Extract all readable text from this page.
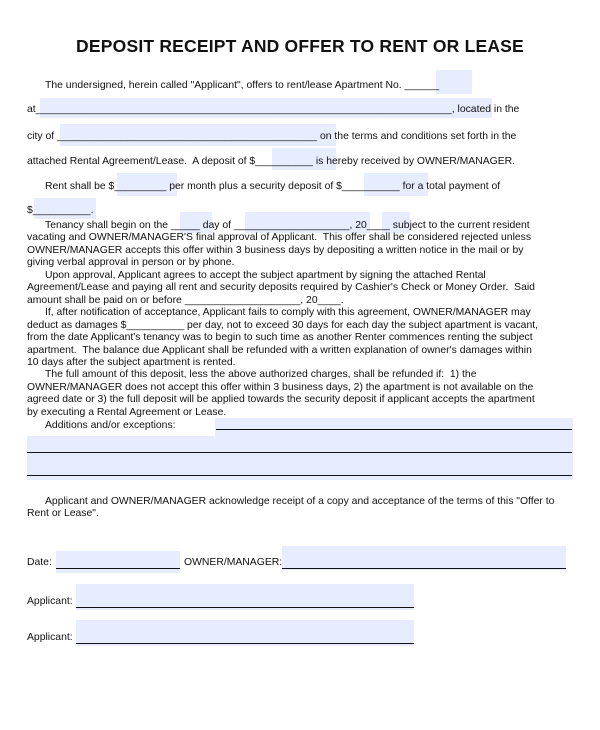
DEPOSIT RECEIPT AND OFFER TO RENT OR LEASE
The undersigned, herein called "Applicant", offers to rent/lease Apartment No. ______
at________________________________________________________________________, located in the
city of _____________________________________________ on the terms and conditions set forth in the
attached Rental Agreement/Lease.  A deposit of $__________ is hereby received by OWNER/MANAGER.
Rent shall be $_________ per month plus a security deposit of $__________ for a total payment of
$__________.
Tenancy shall begin on the _____ day of ____________________, 20____ subject to the current resident
vacating and OWNER/MANAGER'S final approval of Applicant.  This offer shall be considered rejected unless
OWNER/MANAGER accepts this offer within 3 business days by depositing a written notice in the mail or by
giving verbal approval in person or by phone.
Upon approval, Applicant agrees to accept the subject apartment by signing the attached Rental
Agreement/Lease and paying all rent and security deposits required by Cashier's Check or Money Order.  Said
amount shall be paid on or before ____________________, 20____.
If, after notification of acceptance, Applicant fails to comply with this agreement, OWNER/MANAGER may
deduct as damages $__________ per day, not to exceed 30 days for each day the subject apartment is vacant,
from the date Applicant's tenancy was to begin to such time as another Renter commences renting the subject
apartment.  The balance due Applicant shall be refunded with a written explanation of owner's damages within
10 days after the subject apartment is rented.
The full amount of this deposit, less the above authorized charges, shall be refunded if:  1) the
OWNER/MANAGER does not accept this offer within 3 business days, 2) the apartment is not available on the
agreed date or 3) the full deposit will be applied towards the security deposit if applicant accepts the apartment
by executing a Rental Agreement or Lease.
Additions and/or exceptions:
Applicant and OWNER/MANAGER acknowledge receipt of a copy and acceptance of the terms of this "Offer to
Rent or Lease".
Date:	OWNER/MANAGER:
Applicant:
Applicant:
